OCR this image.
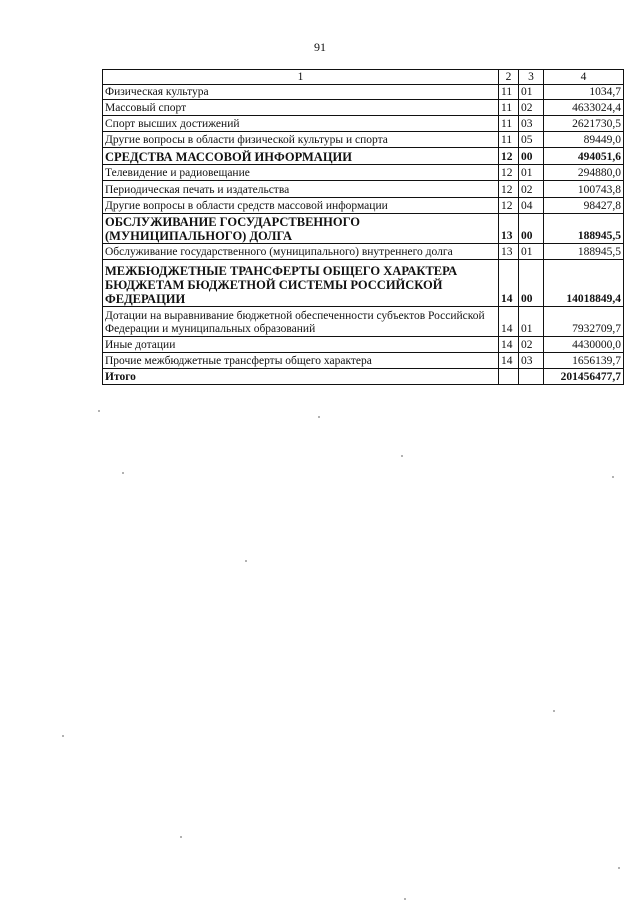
91
1	2	3	4
Физическая культура	11	01	1034,7
Массовый спорт	11	02	4633024,4
Спорт высших достижений	11	03	2621730,5
Другие вопросы в области физической культуры и спорта	11	05	89449,0
СРЕДСТВА МАССОВОЙ ИНФОРМАЦИИ	12	00	494051,6
Телевидение и радиовещание	12	01	294880,0
Периодическая печать и издательства	12	02	100743,8
Другие вопросы в области средств массовой информации	12	04	98427,8
ОБСЛУЖИВАНИЕ ГОСУДАРСТВЕННОГО (МУНИЦИПАЛЬНОГО) ДОЛГА	13	00	188945,5
Обслуживание государственного (муниципального) внутреннего долга	13	01	188945,5
МЕЖБЮДЖЕТНЫЕ ТРАНСФЕРТЫ ОБЩЕГО ХАРАКТЕРА БЮДЖЕТАМ БЮДЖЕТНОЙ СИСТЕМЫ РОССИЙСКОЙ ФЕДЕРАЦИИ	14	00	14018849,4
Дотации на выравнивание бюджетной обеспеченности субъектов Российской Федерации и муниципальных образований	14	01	7932709,7
Иные дотации	14	02	4430000,0
Прочие межбюджетные трансферты общего характера	14	03	1656139,7
Итого			201456477,7
